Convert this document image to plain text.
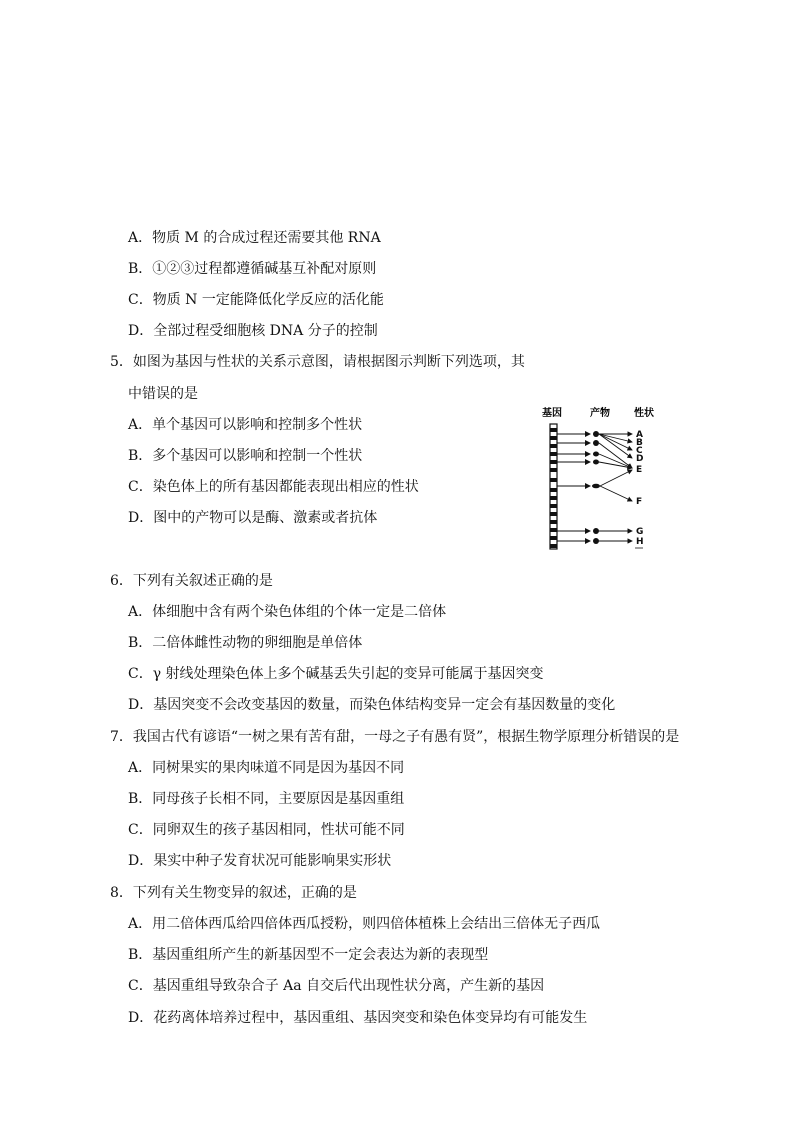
A．物质 M 的合成过程还需要其他 RNA
B．①②③过程都遵循碱基互补配对原则
C．物质 N 一定能降低化学反应的活化能
D．全部过程受细胞核 DNA 分子的控制
5．如图为基因与性状的关系示意图，请根据图示判断下列选项，其
中错误的是
A．单个基因可以影响和控制多个性状
B．多个基因可以影响和控制一个性状
C．染色体上的所有基因都能表现出相应的性状
D．图中的产物可以是酶、激素或者抗体
基因	产物 性状
A
B
C
D
E
F
G
H
6．下列有关叙述正确的是
A．体细胞中含有两个染色体组的个体一定是二倍体
B．二倍体雌性动物的卵细胞是单倍体
C．γ 射线处理染色体上多个碱基丢失引起的变异可能属于基因突变
D．基因突变不会改变基因的数量，而染色体结构变异一定会有基因数量的变化
7．我国古代有谚语“一树之果有苦有甜，一母之子有愚有贤”，根据生物学原理分析错误的是
A．同树果实的果肉味道不同是因为基因不同
B．同母孩子长相不同，主要原因是基因重组
C．同卵双生的孩子基因相同，性状可能不同
D．果实中种子发育状况可能影响果实形状
8．下列有关生物变异的叙述，正确的是
A．用二倍体西瓜给四倍体西瓜授粉，则四倍体植株上会结出三倍体无子西瓜
B．基因重组所产生的新基因型不一定会表达为新的表现型
C．基因重组导致杂合子 Aa 自交后代出现性状分离，产生新的基因
D．花药离体培养过程中，基因重组、基因突变和染色体变异均有可能发生
